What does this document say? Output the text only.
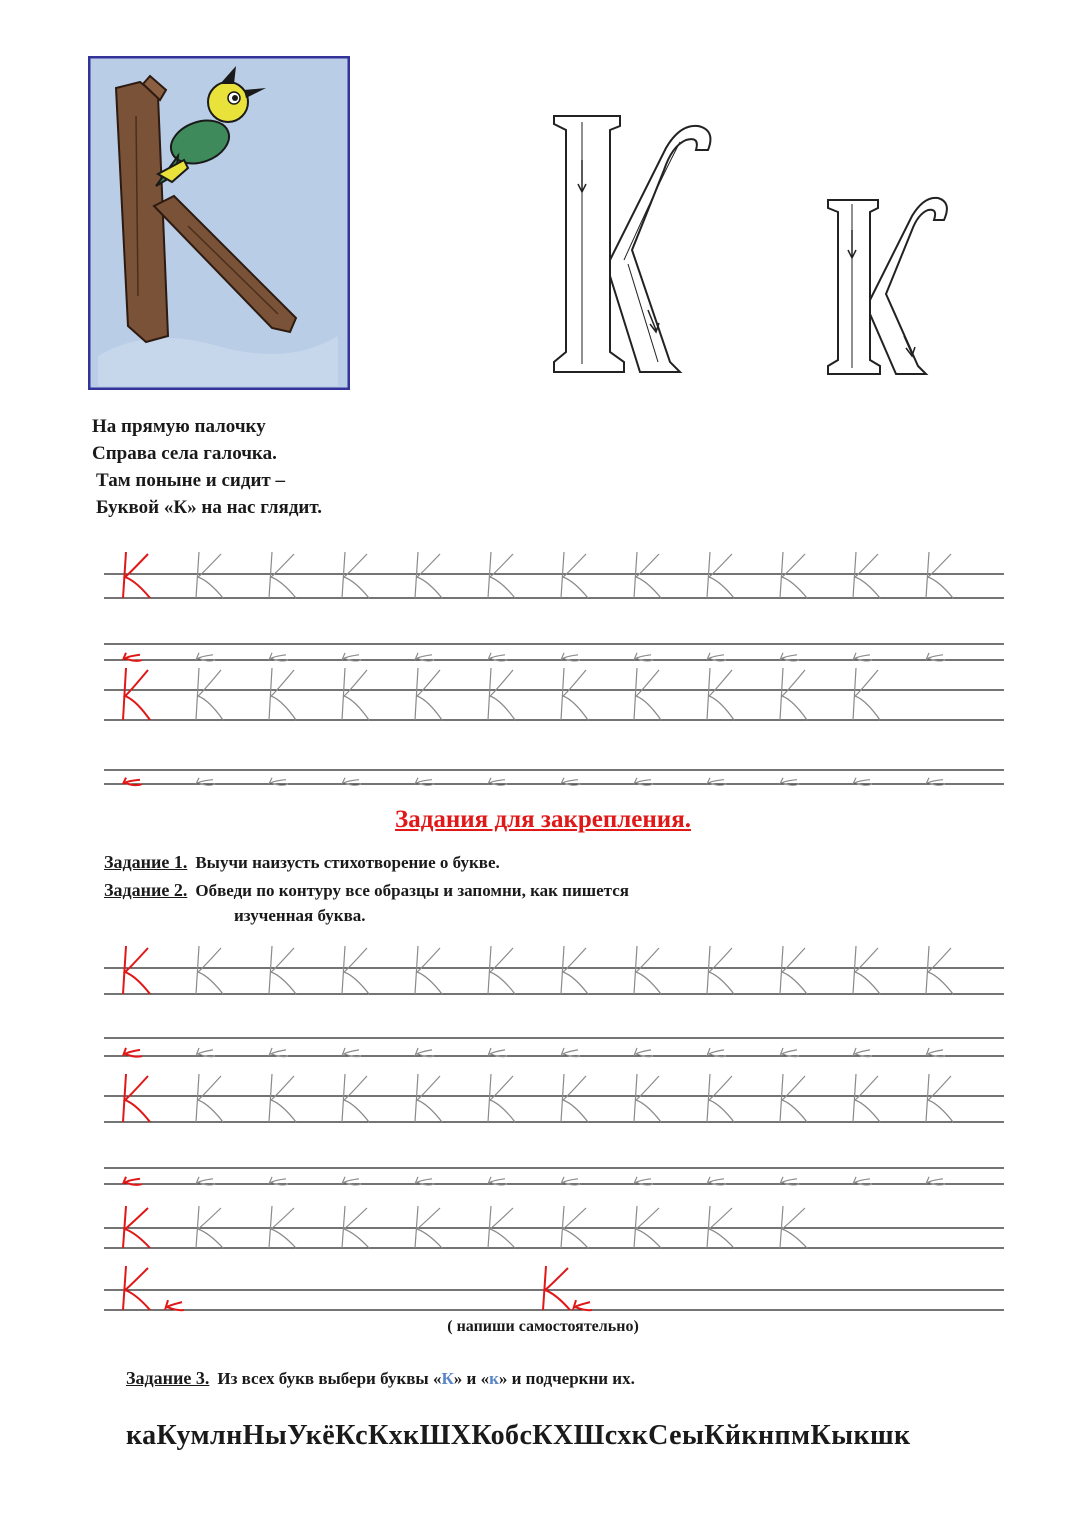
На прямую палочку
Справа села галочка.
Там поныне и сидит –
Буквой «К» на нас глядит.
Задания для закрепления.
Задание 1. Выучи наизусть стихотворение о букве.
Задание 2. Обведи по контуру все образцы и запомни, как пишется
изученная буква.
( напиши самостоятельно)
Задание 3. Из всех букв выбери буквы «К» и «к» и подчеркни их.
каКумлнНыУкёКсКхкШХКобсКХШсхкСеыКйкнпмКыкшк
